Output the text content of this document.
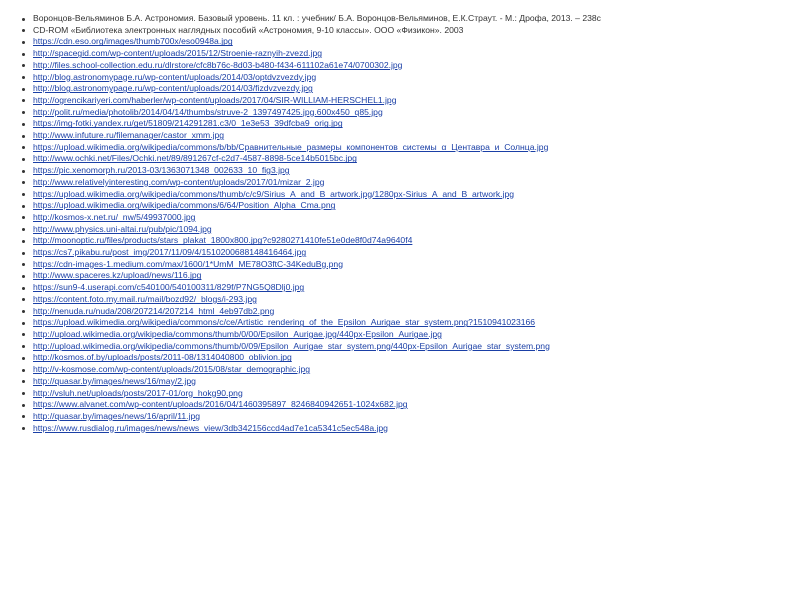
Воронцов-Вельяминов Б.А. Астрономия. Базовый уровень. 11 кл. : учебник/ Б.А. Воронцов-Вельяминов, Е.К.Страут. - М.: Дрофа, 2013. – 238с
CD-ROM «Библиотека электронных наглядных пособий «Астрономия, 9-10 классы». ООО «Физикон». 2003
https://cdn.eso.org/images/thumb700x/eso0948a.jpg
http://spacegid.com/wp-content/uploads/2015/12/Stroenie-raznyih-zvezd.jpg
http://files.school-collection.edu.ru/dlrstore/cfc8b76c-8d03-b480-f434-611102a61e74/0700302.jpg
http://blog.astronomypage.ru/wp-content/uploads/2014/03/optdvzvezdy.jpg
http://blog.astronomypage.ru/wp-content/uploads/2014/03/fizdvzvezdy.jpg
http://ogrencikariyeri.com/haberler/wp-content/uploads/2017/04/SIR-WILLIAM-HERSCHEL1.jpg
http://polit.ru/media/photolib/2014/04/14/thumbs/struve-2_1397497425.jpg.600x450_q85.jpg
https://img-fotki.yandex.ru/get/51809/214291281.c3/0_1e3e53_39dfcba9_orig.jpg
http://www.infuture.ru/filemanager/castor_xmm.jpg
https://upload.wikimedia.org/wikipedia/commons/b/bb/Сравнительные_размеры_компонентов_системы_α_Центавра_и_Солнца.jpg
http://www.ochki.net/Files/Ochki.net/89/891267cf-c2d7-4587-8898-5ce14b5015bc.jpg
https://pic.xenomorph.ru/2013-03/1363071348_002633_10_fig3.jpg
http://www.relativelyinteresting.com/wp-content/uploads/2017/01/mizar_2.jpg
https://upload.wikimedia.org/wikipedia/commons/thumb/c/c9/Sirius_A_and_B_artwork.jpg/1280px-Sirius_A_and_B_artwork.jpg
https://upload.wikimedia.org/wikipedia/commons/6/64/Position_Alpha_Cma.png
http://kosmos-x.net.ru/_nw/5/49937000.jpg
http://www.physics.uni-altai.ru/pub/pic/1094.jpg
http://moonoptic.ru/files/products/stars_plakat_1800x800.jpg?c9280271410fe51e0de8f0d74a9640f4
https://cs7.pikabu.ru/post_img/2017/11/09/4/1510200688148416464.jpg
https://cdn-images-1.medium.com/max/1600/1*UmM_ME78O3ftC-34KeduBg.png
http://www.spaceres.kz/upload/news/116.jpg
https://sun9-4.userapi.com/c540100/540100311/829f/P7NG5Q8Dlj0.jpg
https://content.foto.my.mail.ru/mail/bozd92/_blogs/i-293.jpg
http://nenuda.ru/nuda/208/207214/207214_html_4eb97db2.png
https://upload.wikimedia.org/wikipedia/commons/c/ce/Artistic_rendering_of_the_Epsilon_Aurigae_star_system.png?1510941023166
http://upload.wikimedia.org/wikipedia/commons/thumb/0/00/Epsilon_Aurigae.jpg/440px-Epsilon_Aurigae.jpg
http://upload.wikimedia.org/wikipedia/commons/thumb/0/09/Epsilon_Aurigae_star_system.png/440px-Epsilon_Aurigae_star_system.png
http://kosmos.of.by/uploads/posts/2011-08/1314040800_oblivion.jpg
http://v-kosmose.com/wp-content/uploads/2015/08/star_demographic.jpg
http://quasar.by/images/news/16/may/2.jpg
http://vsluh.net/uploads/posts/2017-01/org_hokg90.png
https://www.alvanet.com/wp-content/uploads/2016/04/1460395897_8246840942651-1024x682.jpg
http://quasar.by/images/news/16/april/11.jpg
https://www.rusdialog.ru/images/news/news_view/3db342156ccd4ad7e1ca5341c5ec548a.jpg
